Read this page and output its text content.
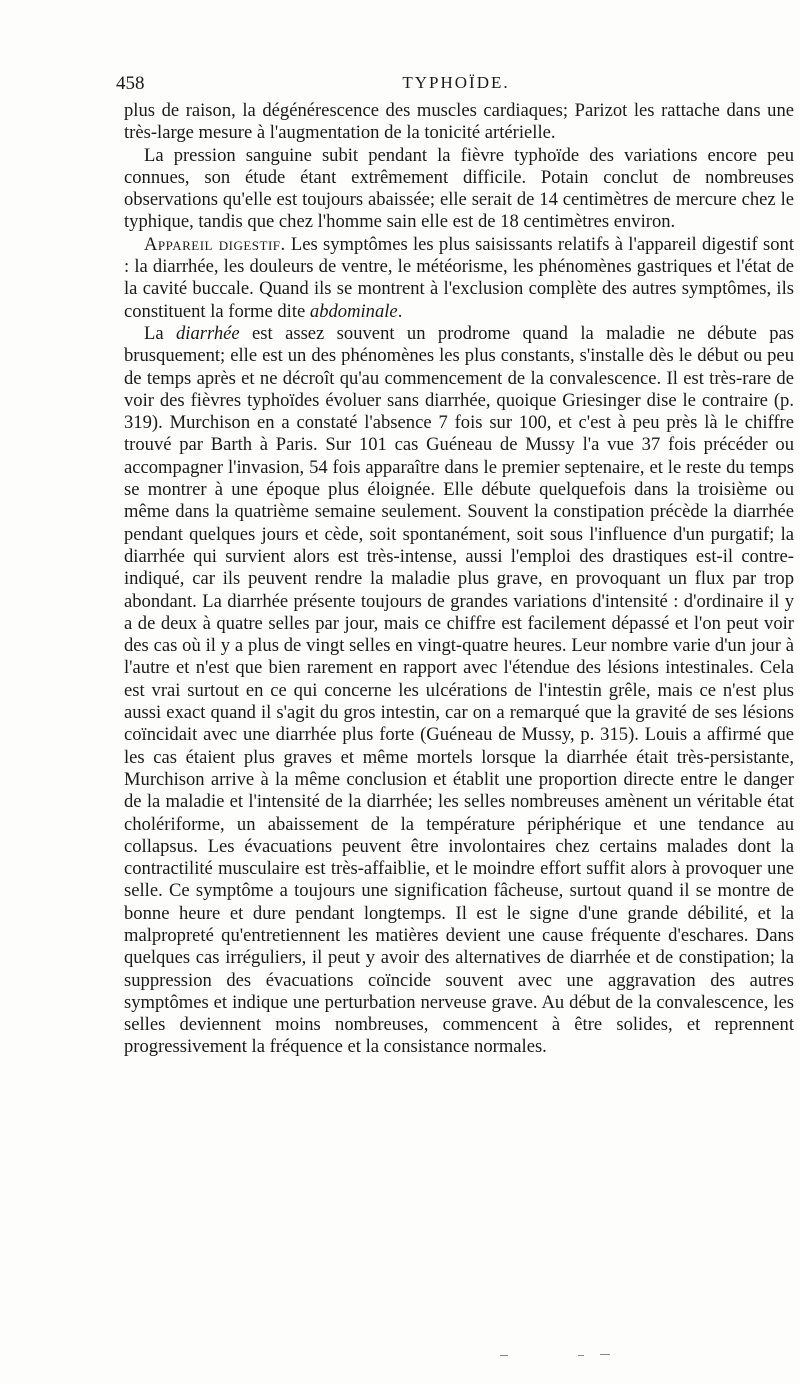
458	TYPHOÏDE.

plus de raison, la dégénérescence des muscles cardiaques; Parizot les rattache dans une très-large mesure à l'augmentation de la tonicité artérielle.

La pression sanguine subit pendant la fièvre typhoïde des variations encore peu connues, son étude étant extrêmement difficile. Potain conclut de nombreuses observations qu'elle est toujours abaissée; elle serait de 14 centimètres de mercure chez le typhique, tandis que chez l'homme sain elle est de 18 centimètres environ.

Appareil digestif. Les symptômes les plus saisissants relatifs à l'appareil digestif sont : la diarrhée, les douleurs de ventre, le météorisme, les phénomènes gastriques et l'état de la cavité buccale. Quand ils se montrent à l'exclusion complète des autres symptômes, ils constituent la forme dite abdominale.

La diarrhée est assez souvent un prodrome quand la maladie ne débute pas brusquement; elle est un des phénomènes les plus constants, s'installe dès le début ou peu de temps après et ne décroît qu'au commencement de la convalescence. Il est très-rare de voir des fièvres typhoïdes évoluer sans diarrhée, quoique Griesinger dise le contraire (p. 319). Murchison en a constaté l'absence 7 fois sur 100, et c'est à peu près là le chiffre trouvé par Barth à Paris. Sur 101 cas Guéneau de Mussy l'a vue 37 fois précéder ou accompagner l'invasion, 54 fois apparaître dans le premier septenaire, et le reste du temps se montrer à une époque plus éloignée. Elle débute quelquefois dans la troisième ou même dans la quatrième semaine seulement. Souvent la constipation précède la diarrhée pendant quelques jours et cède, soit spontanément, soit sous l'influence d'un purgatif; la diarrhée qui survient alors est très-intense, aussi l'emploi des drastiques est-il contre-indiqué, car ils peuvent rendre la maladie plus grave, en provoquant un flux par trop abondant. La diarrhée présente toujours de grandes variations d'intensité : d'ordinaire il y a de deux à quatre selles par jour, mais ce chiffre est facilement dépassé et l'on peut voir des cas où il y a plus de vingt selles en vingt-quatre heures. Leur nombre varie d'un jour à l'autre et n'est que bien rarement en rapport avec l'étendue des lésions intestinales. Cela est vrai surtout en ce qui concerne les ulcérations de l'intestin grêle, mais ce n'est plus aussi exact quand il s'agit du gros intestin, car on a remarqué que la gravité de ses lésions coïncidait avec une diarrhée plus forte (Guéneau de Mussy, p. 315). Louis a affirmé que les cas étaient plus graves et même mortels lorsque la diarrhée était très-persistante, Murchison arrive à la même conclusion et établit une proportion directe entre le danger de la maladie et l'intensité de la diarrhée; les selles nombreuses amènent un véritable état cholériforme, un abaissement de la température périphérique et une tendance au collapsus. Les évacuations peuvent être involontaires chez certains malades dont la contractilité musculaire est très-affaiblie, et le moindre effort suffit alors à provoquer une selle. Ce symptôme a toujours une signification fâcheuse, surtout quand il se montre de bonne heure et dure pendant longtemps. Il est le signe d'une grande débilité, et la malpropreté qu'entretiennent les matières devient une cause fréquente d'eschares. Dans quelques cas irréguliers, il peut y avoir des alternatives de diarrhée et de constipation; la suppression des évacuations coïncide souvent avec une aggravation des autres symptômes et indique une perturbation nerveuse grave. Au début de la convalescence, les selles deviennent moins nombreuses, commencent à être solides, et reprennent progressivement la fréquence et la consistance normales.
